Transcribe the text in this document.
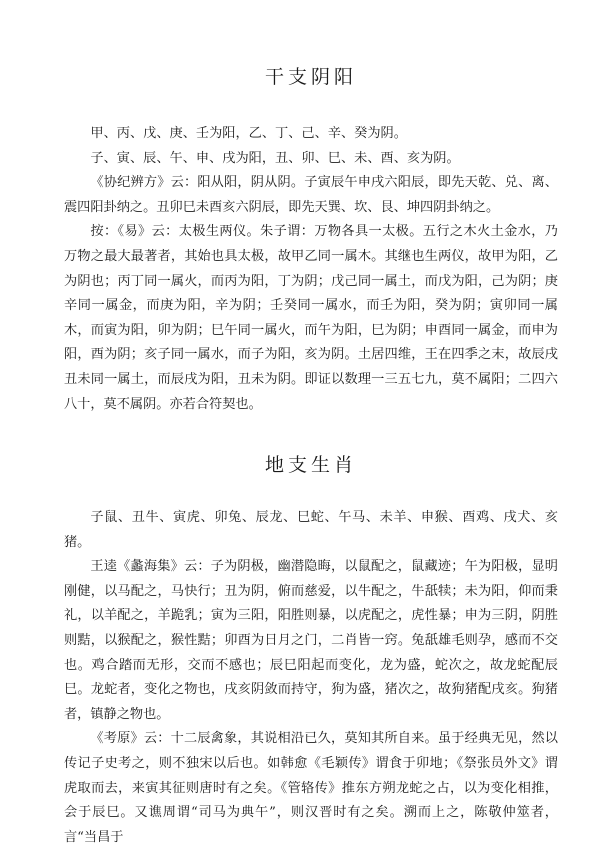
干支阴阳

甲、丙、戊、庚、壬为阳，乙、丁、己、辛、癸为阴。

子、寅、辰、午、申、戌为阳，丑、卯、巳、未、酉、亥为阴。

《协纪辨方》云：阳从阳，阴从阴。子寅辰午申戌六阳辰，即先天乾、兑、离、震四阳卦纳之。丑卯巳未酉亥六阴辰，即先天巽、坎、艮、坤四阴卦纳之。

按：《易》云：太极生两仪。朱子谓：万物各具一太极。五行之木火土金水，乃万物之最大最著者，其始也具太极，故甲乙同一属木。其继也生两仪，故甲为阳，乙为阴也；丙丁同一属火，而丙为阳，丁为阴；戊己同一属土，而戊为阳，己为阴；庚辛同一属金，而庚为阳，辛为阴；壬癸同一属水，而壬为阳，癸为阴；寅卯同一属木，而寅为阳，卯为阴；巳午同一属火，而午为阳，巳为阴；申酉同一属金，而申为阳，酉为阴；亥子同一属水，而子为阳，亥为阴。土居四维，王在四季之末，故辰戌丑未同一属土，而辰戌为阳，丑未为阴。即证以数理一三五七九，莫不属阳；二四六八十，莫不属阴。亦若合符契也。

地支生肖

子鼠、丑牛、寅虎、卯兔、辰龙、巳蛇、午马、未羊、申猴、酉鸡、戌犬、亥猪。

王逵《蠡海集》云：子为阴极，幽潜隐晦，以鼠配之，鼠藏迹；午为阳极，显明刚健，以马配之，马快行；丑为阴，俯而慈爱，以牛配之，牛舐犊；未为阳，仰而秉礼，以羊配之，羊跪乳；寅为三阳，阳胜则暴，以虎配之，虎性暴；申为三阴，阴胜则黠，以猴配之，猴性黠；卯酉为日月之门，二肖皆一窍。兔舐雄毛则孕，感而不交也。鸡合踏而无形，交而不感也；辰巳阳起而变化，龙为盛，蛇次之，故龙蛇配辰巳。龙蛇者，变化之物也，戌亥阴敛而持守，狗为盛，猪次之，故狗猪配戌亥。狗猪者，镇静之物也。

《考原》云：十二辰禽象，其说相沿已久，莫知其所自来。虽于经典无见，然以传记子史考之，则不独宋以后也。如韩愈《毛颖传》谓食于卯地；《祭张员外文》谓虎取而去，来寅其征则唐时有之矣。《管辂传》推东方朔龙蛇之占，以为变化相推，会于辰巳。又谯周谓“司马为典午”，则汉晋时有之矣。溯而上之，陈敬仲筮者，言“当昌于
